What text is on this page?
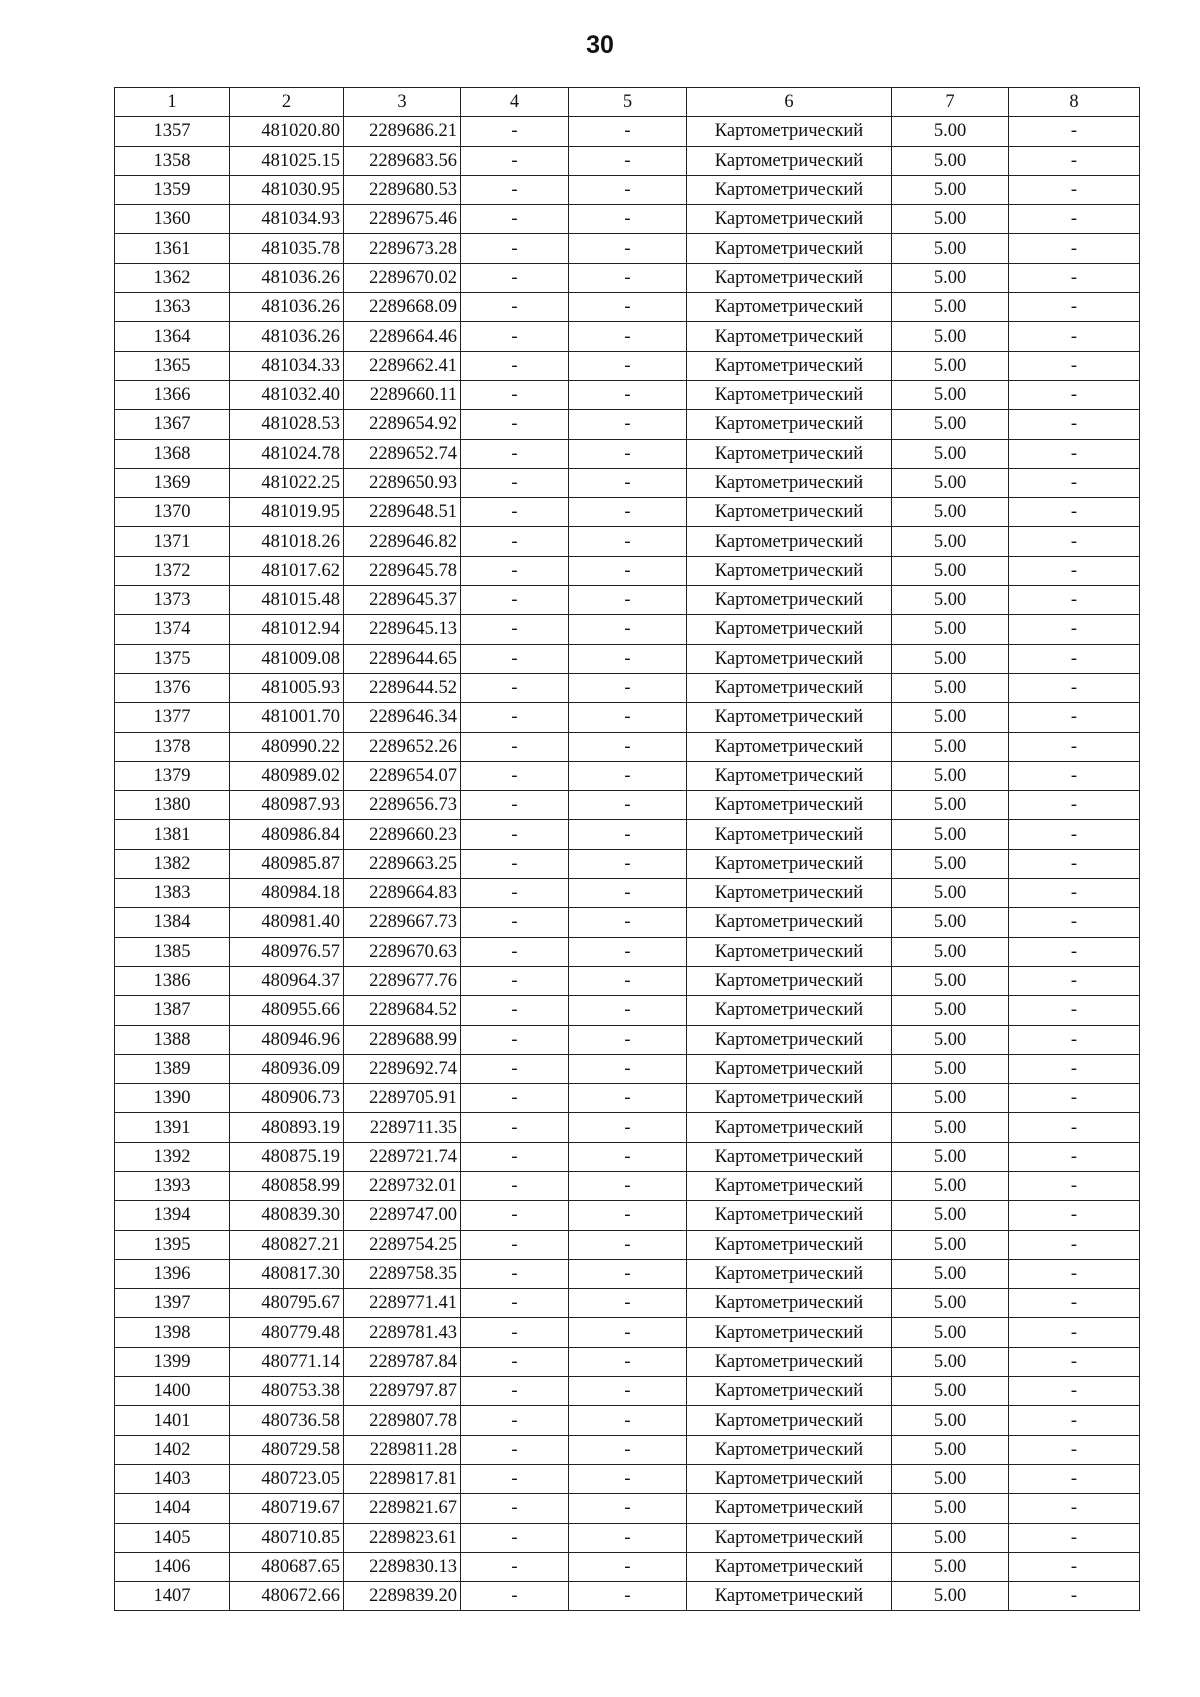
30
1	2	3	4	5	6	7	8
1357	481020.80	2289686.21	-	-	Картометрический	5.00	-
1358	481025.15	2289683.56	-	-	Картометрический	5.00	-
1359	481030.95	2289680.53	-	-	Картометрический	5.00	-
1360	481034.93	2289675.46	-	-	Картометрический	5.00	-
1361	481035.78	2289673.28	-	-	Картометрический	5.00	-
1362	481036.26	2289670.02	-	-	Картометрический	5.00	-
1363	481036.26	2289668.09	-	-	Картометрический	5.00	-
1364	481036.26	2289664.46	-	-	Картометрический	5.00	-
1365	481034.33	2289662.41	-	-	Картометрический	5.00	-
1366	481032.40	2289660.11	-	-	Картометрический	5.00	-
1367	481028.53	2289654.92	-	-	Картометрический	5.00	-
1368	481024.78	2289652.74	-	-	Картометрический	5.00	-
1369	481022.25	2289650.93	-	-	Картометрический	5.00	-
1370	481019.95	2289648.51	-	-	Картометрический	5.00	-
1371	481018.26	2289646.82	-	-	Картометрический	5.00	-
1372	481017.62	2289645.78	-	-	Картометрический	5.00	-
1373	481015.48	2289645.37	-	-	Картометрический	5.00	-
1374	481012.94	2289645.13	-	-	Картометрический	5.00	-
1375	481009.08	2289644.65	-	-	Картометрический	5.00	-
1376	481005.93	2289644.52	-	-	Картометрический	5.00	-
1377	481001.70	2289646.34	-	-	Картометрический	5.00	-
1378	480990.22	2289652.26	-	-	Картометрический	5.00	-
1379	480989.02	2289654.07	-	-	Картометрический	5.00	-
1380	480987.93	2289656.73	-	-	Картометрический	5.00	-
1381	480986.84	2289660.23	-	-	Картометрический	5.00	-
1382	480985.87	2289663.25	-	-	Картометрический	5.00	-
1383	480984.18	2289664.83	-	-	Картометрический	5.00	-
1384	480981.40	2289667.73	-	-	Картометрический	5.00	-
1385	480976.57	2289670.63	-	-	Картометрический	5.00	-
1386	480964.37	2289677.76	-	-	Картометрический	5.00	-
1387	480955.66	2289684.52	-	-	Картометрический	5.00	-
1388	480946.96	2289688.99	-	-	Картометрический	5.00	-
1389	480936.09	2289692.74	-	-	Картометрический	5.00	-
1390	480906.73	2289705.91	-	-	Картометрический	5.00	-
1391	480893.19	2289711.35	-	-	Картометрический	5.00	-
1392	480875.19	2289721.74	-	-	Картометрический	5.00	-
1393	480858.99	2289732.01	-	-	Картометрический	5.00	-
1394	480839.30	2289747.00	-	-	Картометрический	5.00	-
1395	480827.21	2289754.25	-	-	Картометрический	5.00	-
1396	480817.30	2289758.35	-	-	Картометрический	5.00	-
1397	480795.67	2289771.41	-	-	Картометрический	5.00	-
1398	480779.48	2289781.43	-	-	Картометрический	5.00	-
1399	480771.14	2289787.84	-	-	Картометрический	5.00	-
1400	480753.38	2289797.87	-	-	Картометрический	5.00	-
1401	480736.58	2289807.78	-	-	Картометрический	5.00	-
1402	480729.58	2289811.28	-	-	Картометрический	5.00	-
1403	480723.05	2289817.81	-	-	Картометрический	5.00	-
1404	480719.67	2289821.67	-	-	Картометрический	5.00	-
1405	480710.85	2289823.61	-	-	Картометрический	5.00	-
1406	480687.65	2289830.13	-	-	Картометрический	5.00	-
1407	480672.66	2289839.20	-	-	Картометрический	5.00	-
